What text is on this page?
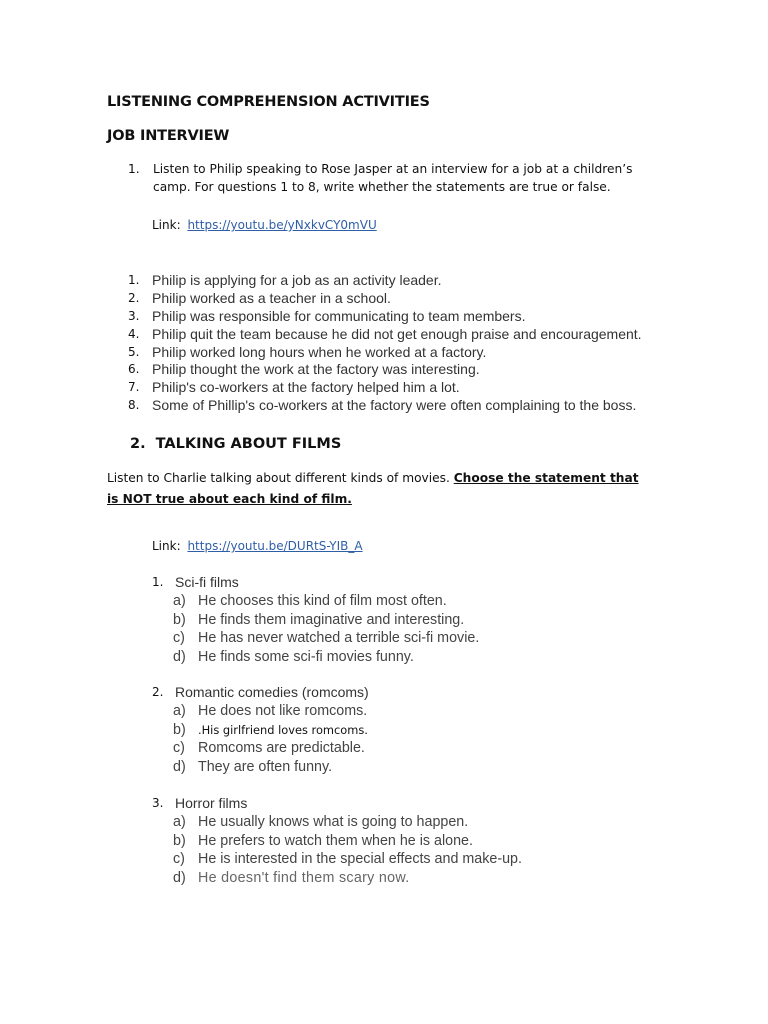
LISTENING COMPREHENSION ACTIVITIES
JOB INTERVIEW
1. Listen to Philip speaking to Rose Jasper at an interview for a job at a children’s camp. For questions 1 to 8, write whether the statements are true or false.
Link: https://youtu.be/yNxkvCY0mVU
1. Philip is applying for a job as an activity leader.
2. Philip worked as a teacher in a school.
3. Philip was responsible for communicating to team members.
4. Philip quit the team because he did not get enough praise and encouragement.
5. Philip worked long hours when he worked at a factory.
6. Philip thought the work at the factory was interesting.
7. Philip's co-workers at the factory helped him a lot.
8. Some of Phillip's co-workers at the factory were often complaining to the boss.
2. TALKING ABOUT FILMS
Listen to Charlie talking about different kinds of movies. Choose the statement that is NOT true about each kind of film.
Link: https://youtu.be/DURtS-YIB_A
1. Sci-fi films
a) He chooses this kind of film most often.
b) He finds them imaginative and interesting.
c) He has never watched a terrible sci-fi movie.
d) He finds some sci-fi movies funny.
2. Romantic comedies (romcoms)
a) He does not like romcoms.
b) .His girlfriend loves romcoms.
c) Romcoms are predictable.
d) They are often funny.
3. Horror films
a) He usually knows what is going to happen.
b) He prefers to watch them when he is alone.
c) He is interested in the special effects and make-up.
d) He doesn't find them scary now.
